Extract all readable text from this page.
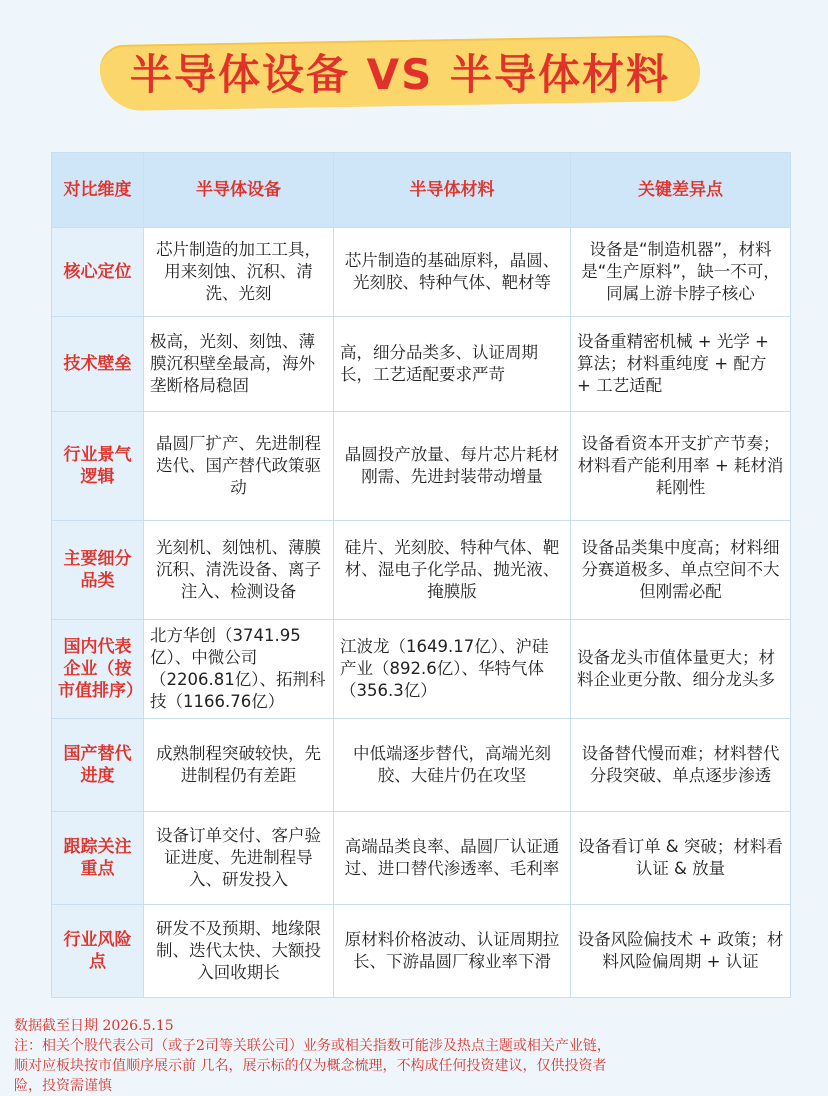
半导体设备 VS 半导体材料
对比维度	半导体设备	半导体材料	关键差异点
核心定位	芯片制造的加工工具，用来刻蚀、沉积、清洗、光刻	芯片制造的基础原料，晶圆、光刻胶、特种气体、靶材等	设备是“制造机器”，材料是“生产原料”，缺一不可，同属上游卡脖子核心
技术壁垒	极高，光刻、刻蚀、薄膜沉积壁垒最高，海外垄断格局稳固	高，细分品类多、认证周期长，工艺适配要求严苛	设备重精密机械 + 光学 + 算法；材料重纯度 + 配方 + 工艺适配
行业景气逻辑	晶圆厂扩产、先进制程迭代、国产替代政策驱动	晶圆投产放量、每片芯片耗材刚需、先进封装带动增量	设备看资本开支扩产节奏；材料看产能利用率 + 耗材消耗刚性
主要细分品类	光刻机、刻蚀机、薄膜沉积、清洗设备、离子注入、检测设备	硅片、光刻胶、特种气体、靶材、湿电子化学品、抛光液、掩膜版	设备品类集中度高；材料细分赛道极多、单点空间不大但刚需必配
国内代表企业（按市值排序）	北方华创（3741.95亿）、中微公司（2206.81亿）、拓荆科技（1166.76亿）	江波龙（1649.17亿）、沪硅产业（892.6亿）、华特气体（356.3亿）	设备龙头市值体量更大；材料企业更分散、细分龙头多
国产替代进度	成熟制程突破较快，先进制程仍有差距	中低端逐步替代，高端光刻胶、大硅片仍在攻坚	设备替代慢而难；材料替代分段突破、单点逐步渗透
跟踪关注重点	设备订单交付、客户验证进度、先进制程导入、研发投入	高端品类良率、晶圆厂认证通过、进口替代渗透率、毛利率	设备看订单 & 突破；材料看认证 & 放量
行业风险点	研发不及预期、地缘限制、迭代太快、大额投入回收期长	原材料价格波动、认证周期拉长、下游晶圆厂稼业率下滑	设备风险偏技术 + 政策；材料风险偏周期 + 认证
数据截至日期 2026.5.15
注：相关个股代表公司（或子2司等关联公司）业务或相关指数可能涉及热点主题或相关产业链，
顺对应板块按市值顺序展示前 几名，展示标的仅为概念梳理，不构成任何投资建议，仅供投资者
险，投资需谨慎
